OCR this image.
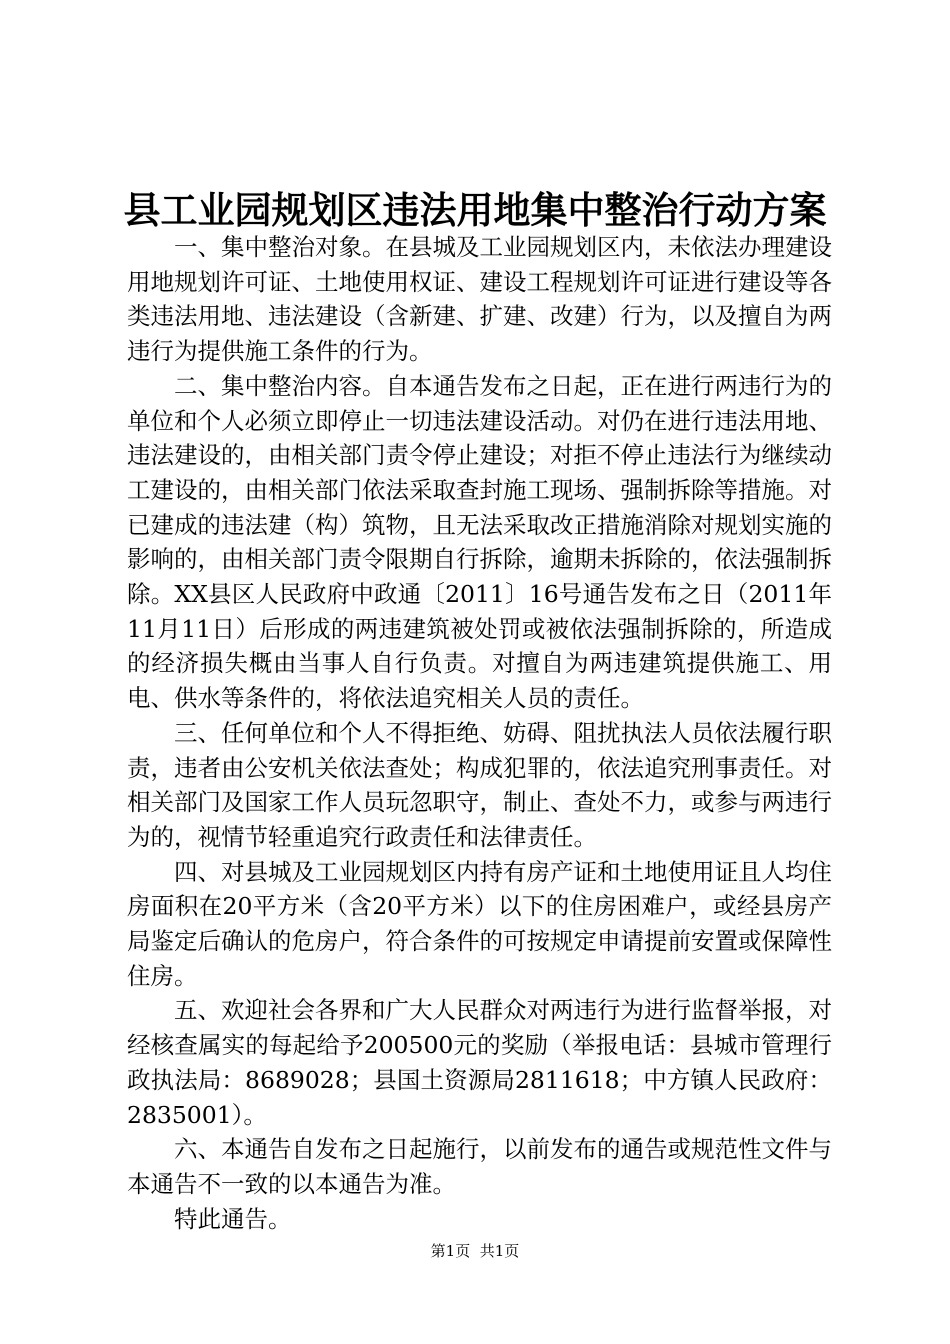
县工业园规划区违法用地集中整治行动方案

一、集中整治对象。在县城及工业园规划区内，未依法办理建设用地规划许可证、土地使用权证、建设工程规划许可证进行建设等各类违法用地、违法建设（含新建、扩建、改建）行为，以及擅自为两违行为提供施工条件的行为。

二、集中整治内容。自本通告发布之日起，正在进行两违行为的单位和个人必须立即停止一切违法建设活动。对仍在进行违法用地、违法建设的，由相关部门责令停止建设；对拒不停止违法行为继续动工建设的，由相关部门依法采取查封施工现场、强制拆除等措施。对已建成的违法建（构）筑物，且无法采取改正措施消除对规划实施的影响的，由相关部门责令限期自行拆除，逾期未拆除的，依法强制拆除。XX县区人民政府中政通〔2011〕16号通告发布之日（2011年11月11日）后形成的两违建筑被处罚或被依法强制拆除的，所造成的经济损失概由当事人自行负责。对擅自为两违建筑提供施工、用电、供水等条件的，将依法追究相关人员的责任。

三、任何单位和个人不得拒绝、妨碍、阻扰执法人员依法履行职责，违者由公安机关依法查处；构成犯罪的，依法追究刑事责任。对相关部门及国家工作人员玩忽职守，制止、查处不力，或参与两违行为的，视情节轻重追究行政责任和法律责任。

四、对县城及工业园规划区内持有房产证和土地使用证且人均住房面积在20平方米（含20平方米）以下的住房困难户，或经县房产局鉴定后确认的危房户，符合条件的可按规定申请提前安置或保障性住房。

五、欢迎社会各界和广大人民群众对两违行为进行监督举报，对经核查属实的每起给予200500元的奖励（举报电话：县城市管理行政执法局：8689028；县国土资源局2811618；中方镇人民政府：2835001）。

六、本通告自发布之日起施行，以前发布的通告或规范性文件与本通告不一致的以本通告为准。

特此通告。

第1页 共1页
